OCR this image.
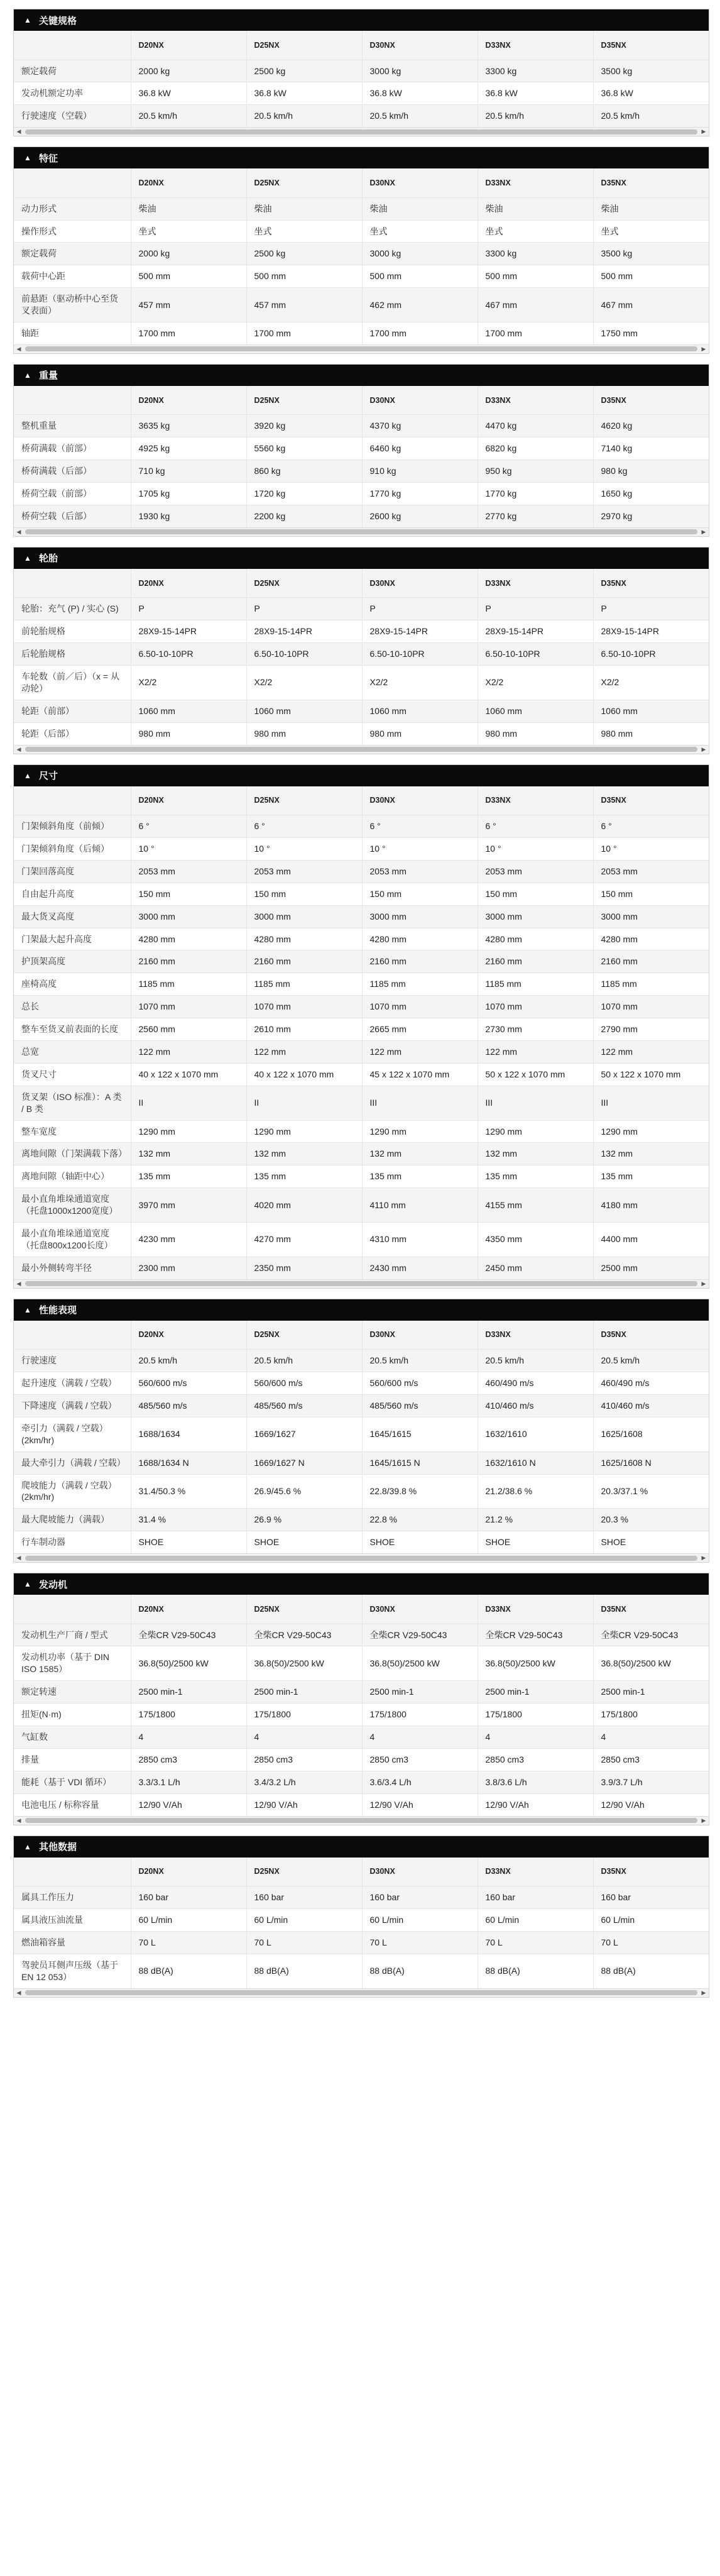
▲ 关键规格
	D20NX	D25NX	D30NX	D33NX	D35NX
额定载荷	2000 kg	2500 kg	3000 kg	3300 kg	3500 kg
发动机额定功率	36.8 kW	36.8 kW	36.8 kW	36.8 kW	36.8 kW
行驶速度（空载）	20.5 km/h	20.5 km/h	20.5 km/h	20.5 km/h	20.5 km/h
◀	▶
▲ 特征
	D20NX	D25NX	D30NX	D33NX	D35NX
动力形式	柴油	柴油	柴油	柴油	柴油
操作形式	坐式	坐式	坐式	坐式	坐式
额定载荷	2000 kg	2500 kg	3000 kg	3300 kg	3500 kg
载荷中心距	500 mm	500 mm	500 mm	500 mm	500 mm
前悬距（驱动桥中心至货叉表面）	457 mm	457 mm	462 mm	467 mm	467 mm
轴距	1700 mm	1700 mm	1700 mm	1700 mm	1750 mm
◀	▶
▲ 重量
	D20NX	D25NX	D30NX	D33NX	D35NX
整机重量	3635 kg	3920 kg	4370 kg	4470 kg	4620 kg
桥荷满载（前部）	4925 kg	5560 kg	6460 kg	6820 kg	7140 kg
桥荷满载（后部）	710 kg	860 kg	910 kg	950 kg	980 kg
桥荷空载（前部）	1705 kg	1720 kg	1770 kg	1770 kg	1650 kg
桥荷空载（后部）	1930 kg	2200 kg	2600 kg	2770 kg	2970 kg
◀	▶
▲ 轮胎
	D20NX	D25NX	D30NX	D33NX	D35NX
轮胎：充气 (P) / 实心 (S)	P	P	P	P	P
前轮胎规格	28X9-15-14PR	28X9-15-14PR	28X9-15-14PR	28X9-15-14PR	28X9-15-14PR
后轮胎规格	6.50-10-10PR	6.50-10-10PR	6.50-10-10PR	6.50-10-10PR	6.50-10-10PR
车轮数（前／后）（x = 从动轮）	X2/2	X2/2	X2/2	X2/2	X2/2
轮距（前部）	1060 mm	1060 mm	1060 mm	1060 mm	1060 mm
轮距（后部）	980 mm	980 mm	980 mm	980 mm	980 mm
◀	▶
▲ 尺寸
	D20NX	D25NX	D30NX	D33NX	D35NX
门架倾斜角度（前倾）	6 °	6 °	6 °	6 °	6 °
门架倾斜角度（后倾）	10 °	10 °	10 °	10 °	10 °
门架回落高度	2053 mm	2053 mm	2053 mm	2053 mm	2053 mm
自由起升高度	150 mm	150 mm	150 mm	150 mm	150 mm
最大货叉高度	3000 mm	3000 mm	3000 mm	3000 mm	3000 mm
门架最大起升高度	4280 mm	4280 mm	4280 mm	4280 mm	4280 mm
护顶架高度	2160 mm	2160 mm	2160 mm	2160 mm	2160 mm
座椅高度	1185 mm	1185 mm	1185 mm	1185 mm	1185 mm
总长	1070 mm	1070 mm	1070 mm	1070 mm	1070 mm
整车至货叉前表面的长度	2560 mm	2610 mm	2665 mm	2730 mm	2790 mm
总宽	122 mm	122 mm	122 mm	122 mm	122 mm
货叉尺寸	40 x 122 x 1070 mm	40 x 122 x 1070 mm	45 x 122 x 1070 mm	50 x 122 x 1070 mm	50 x 122 x 1070 mm
货叉架（ISO 标准）：A 类 / B 类	II	II	III	III	III
整车宽度	1290 mm	1290 mm	1290 mm	1290 mm	1290 mm
离地间隙（门架满载下落）	132 mm	132 mm	132 mm	132 mm	132 mm
离地间隙（轴距中心）	135 mm	135 mm	135 mm	135 mm	135 mm
最小直角堆垛通道宽度（托盘1000x1200宽度）	3970 mm	4020 mm	4110 mm	4155 mm	4180 mm
最小直角堆垛通道宽度（托盘800x1200长度）	4230 mm	4270 mm	4310 mm	4350 mm	4400 mm
最小外侧转弯半径	2300 mm	2350 mm	2430 mm	2450 mm	2500 mm
◀	▶
▲ 性能表现
	D20NX	D25NX	D30NX	D33NX	D35NX
行驶速度	20.5 km/h	20.5 km/h	20.5 km/h	20.5 km/h	20.5 km/h
起升速度（满载 / 空载）	560/600 m/s	560/600 m/s	560/600 m/s	460/490 m/s	460/490 m/s
下降速度（满载 / 空载）	485/560 m/s	485/560 m/s	485/560 m/s	410/460 m/s	410/460 m/s
牵引力（满载 / 空载）(2km/hr)	1688/1634	1669/1627	1645/1615	1632/1610	1625/1608
最大牵引力（满载 / 空载）	1688/1634 N	1669/1627 N	1645/1615 N	1632/1610 N	1625/1608 N
爬坡能力（满载 / 空载）(2km/hr)	31.4/50.3 %	26.9/45.6 %	22.8/39.8 %	21.2/38.6 %	20.3/37.1 %
最大爬坡能力（满载）	31.4 %	26.9 %	22.8 %	21.2 %	20.3 %
行车制动器	SHOE	SHOE	SHOE	SHOE	SHOE
◀	▶
▲ 发动机
	D20NX	D25NX	D30NX	D33NX	D35NX
发动机生产厂商 / 型式	全柴CR V29-50C43	全柴CR V29-50C43	全柴CR V29-50C43	全柴CR V29-50C43	全柴CR V29-50C43
发动机功率（基于 DIN ISO 1585）	36.8(50)/2500 kW	36.8(50)/2500 kW	36.8(50)/2500 kW	36.8(50)/2500 kW	36.8(50)/2500 kW
额定转速	2500 min-1	2500 min-1	2500 min-1	2500 min-1	2500 min-1
扭矩(N·m)	175/1800	175/1800	175/1800	175/1800	175/1800
气缸数	4	4	4	4	4
排量	2850 cm3	2850 cm3	2850 cm3	2850 cm3	2850 cm3
能耗（基于 VDI 循环）	3.3/3.1 L/h	3.4/3.2 L/h	3.6/3.4 L/h	3.8/3.6 L/h	3.9/3.7 L/h
电池电压 / 标称容量	12/90 V/Ah	12/90 V/Ah	12/90 V/Ah	12/90 V/Ah	12/90 V/Ah
◀	▶
▲ 其他数据
	D20NX	D25NX	D30NX	D33NX	D35NX
属具工作压力	160 bar	160 bar	160 bar	160 bar	160 bar
属具液压油流量	60 L/min	60 L/min	60 L/min	60 L/min	60 L/min
燃油箱容量	70 L	70 L	70 L	70 L	70 L
驾驶员耳侧声压级（基于 EN 12 053）	88 dB(A)	88 dB(A)	88 dB(A)	88 dB(A)	88 dB(A)
◀	▶
